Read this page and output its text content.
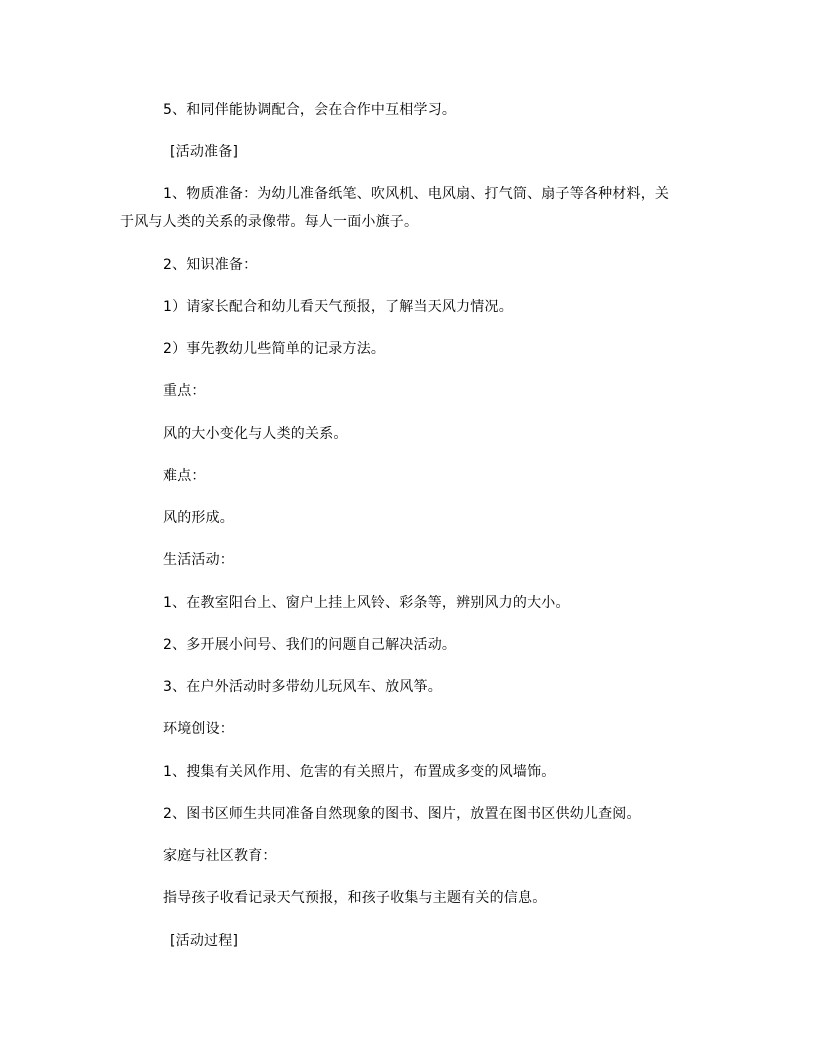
5、和同伴能协调配合，会在合作中互相学习。
[活动准备]
1、物质准备：为幼儿准备纸笔、吹风机、电风扇、打气筒、扇子等各种材料，关
于风与人类的关系的录像带。每人一面小旗子。
2、知识准备：
1）请家长配合和幼儿看天气预报，了解当天风力情况。
2）事先教幼儿些简单的记录方法。
重点：
风的大小变化与人类的关系。
难点：
风的形成。
生活活动：
1、在教室阳台上、窗户上挂上风铃、彩条等，辨别风力的大小。
2、多开展小问号、我们的问题自己解决活动。
3、在户外活动时多带幼儿玩风车、放风筝。
环境创设：
1、搜集有关风作用、危害的有关照片，布置成多变的风墙饰。
2、图书区师生共同准备自然现象的图书、图片，放置在图书区供幼儿查阅。
家庭与社区教育：
指导孩子收看记录天气预报，和孩子收集与主题有关的信息。
[活动过程]
